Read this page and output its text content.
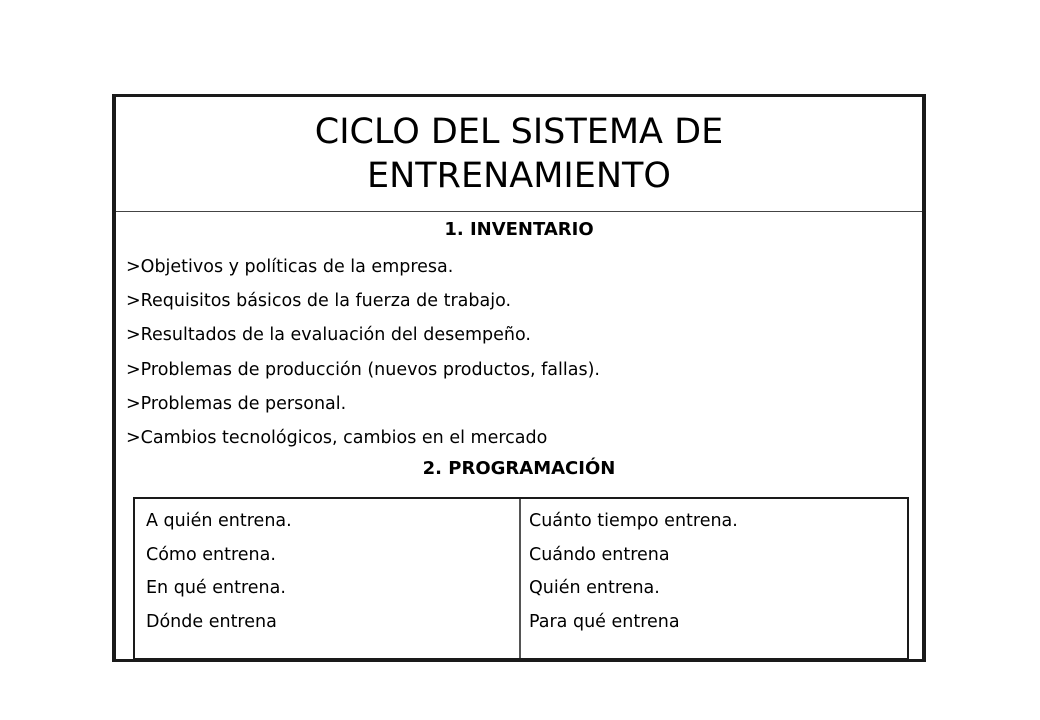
CICLO DEL SISTEMA DE
ENTRENAMIENTO
1. INVENTARIO
>Objetivos y políticas de la empresa.
>Requisitos básicos de la fuerza de trabajo.
>Resultados de la evaluación del desempeño.
>Problemas de producción (nuevos productos, fallas).
>Problemas de personal.
>Cambios tecnológicos, cambios en el mercado
2. PROGRAMACIÓN
A quién entrena.
Cómo entrena.
En qué entrena.
Dónde entrena
Cuánto tiempo entrena.
Cuándo entrena
Quién entrena.
Para qué entrena
